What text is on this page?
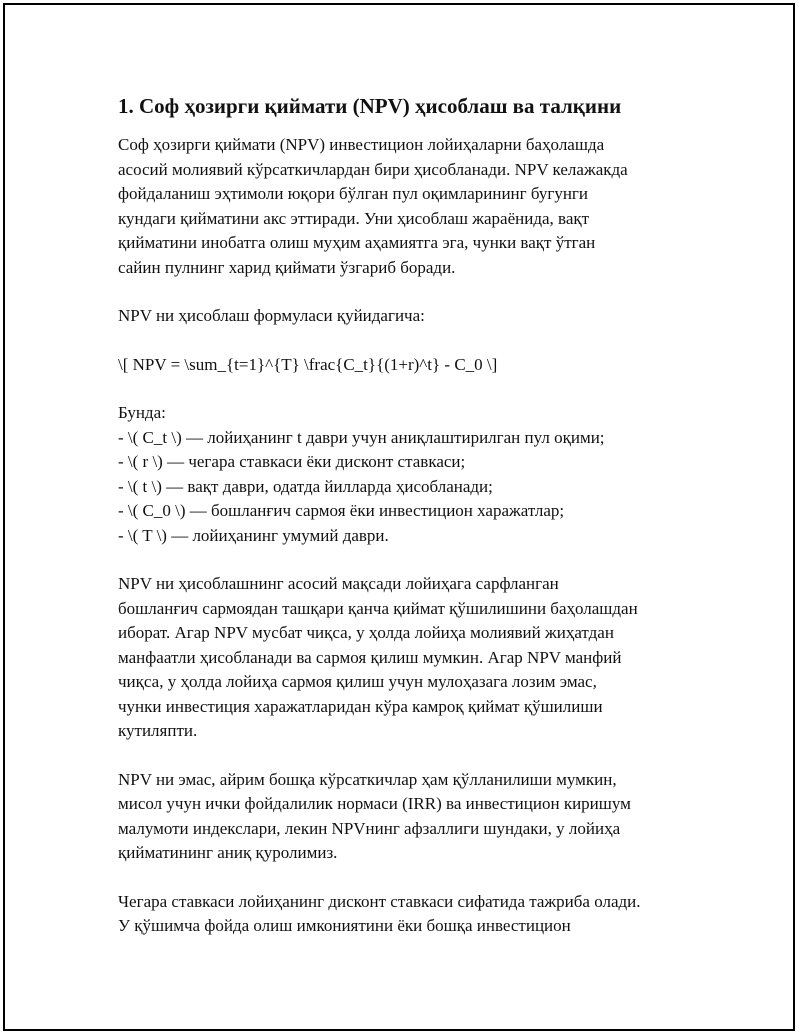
1. Соф ҳозирги қиймати (NPV) ҳисоблаш ва талқини
Соф ҳозирги қиймати (NPV) инвестицион лойиҳаларни баҳолашда
асосий молиявий кўрсаткичлардан бири ҳисобланади. NPV келажакда
фойдаланиш эҳтимоли юқори бўлган пул оқимларининг бугунги
кундаги қийматини акс эттиради. Уни ҳисоблаш жараёнида, вақт
қийматини инобатга олиш муҳим аҳамиятга эга, чунки вақт ўтган
сайин пулнинг харид қиймати ўзгариб боради.
NPV ни ҳисоблаш формуласи қуйидагича:
\[ NPV = \sum_{t=1}^{T} \frac{C_t}{(1+r)^t} - C_0 \]
Бунда:
- \( C_t \) — лойиҳанинг t даври учун аниқлаштирилган пул оқими;
- \( r \) — чегара ставкаси ёки дисконт ставкаси;
- \( t \) — вақт даври, одатда йилларда ҳисобланади;
- \( C_0 \) — бошланғич сармоя ёки инвестицион харажатлар;
- \( T \) — лойиҳанинг умумий даври.
NPV ни ҳисоблашнинг асосий мақсади лойиҳага сарфланган
бошланғич сармоядан ташқари қанча қиймат қўшилишини баҳолашдан
иборат. Агар NPV мусбат чиқса, у ҳолда лойиҳа молиявий жиҳатдан
манфаатли ҳисобланади ва сармоя қилиш мумкин. Агар NPV манфий
чиқса, у ҳолда лойиҳа сармоя қилиш учун мулоҳазага лозим эмас,
чунки инвестиция харажатларидан кўра камроқ қиймат қўшилиши
кутиляпти.
NPV ни эмас, айрим бошқа кўрсаткичлар ҳам қўлланилиши мумкин,
мисол учун ички фойдалилик нормаси (IRR) ва инвестицион киришум
малумоти индекслари, лекин NPVнинг афзаллиги шундаки, у лойиҳа
қийматининг аниқ қуролимиз.
Чегара ставкаси лойиҳанинг дисконт ставкаси сифатида тажриба олади.
У қўшимча фойда олиш имкониятини ёки бошқа инвестицион
